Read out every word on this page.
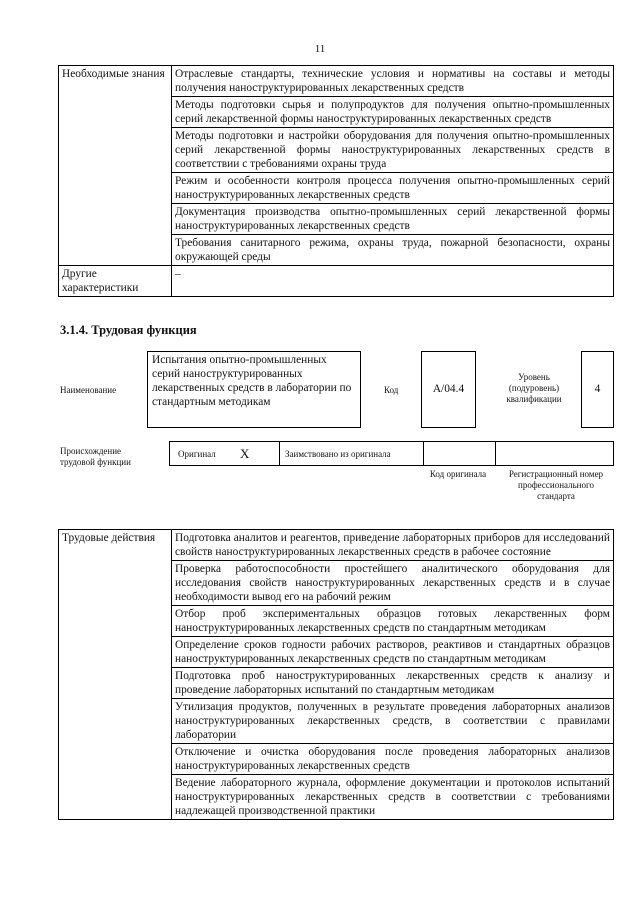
11
Необходимые знания	Отраслевые стандарты, технические условия и нормативы на составы и методы получения наноструктурированных лекарственных средств
	Методы подготовки сырья и полупродуктов для получения опытно-промышленных серий лекарственной формы наноструктурированных лекарственных средств
	Методы подготовки и настройки оборудования для получения опытно-промышленных серий лекарственной формы наноструктурированных лекарственных средств в соответствии с требованиями охраны труда
	Режим и особенности контроля процесса получения опытно-промышленных серий наноструктурированных лекарственных средств
	Документация производства опытно-промышленных серий лекарственной формы наноструктурированных лекарственных средств
	Требования санитарного режима, охраны труда, пожарной безопасности, охраны окружающей среды
Другие характеристики	–
3.1.4. Трудовая функция
Наименование
Испытания опытно-промышленных серий наноструктурированных лекарственных средств в лаборатории по стандартным методикам
Код	A/04.4
Уровень (подуровень) квалификации
4
Происхождение трудовой функции
Оригинал X	Заимствовано из оригинала
Код оригинала	Регистрационный номер профессионального стандарта
Трудовые действия	Подготовка аналитов и реагентов, приведение лабораторных приборов для исследований свойств наноструктурированных лекарственных средств в рабочее состояние
Проверка работоспособности простейшего аналитического оборудования для исследования свойств наноструктурированных лекарственных средств и в случае необходимости вывод его на рабочий режим
Отбор проб экспериментальных образцов готовых лекарственных форм наноструктурированных лекарственных средств по стандартным методикам
Определение сроков годности рабочих растворов, реактивов и стандартных образцов наноструктурированных лекарственных средств по стандартным методикам
Подготовка проб наноструктурированных лекарственных средств к анализу и проведение лабораторных испытаний по стандартным методикам
Утилизация продуктов, полученных в результате проведения лабораторных анализов наноструктурированных лекарственных средств, в соответствии с правилами лаборатории
Отключение и очистка оборудования после проведения лабораторных анализов наноструктурированных лекарственных средств
Ведение лабораторного журнала, оформление документации и протоколов испытаний наноструктурированных лекарственных средств в соответствии с требованиями надлежащей производственной практики
